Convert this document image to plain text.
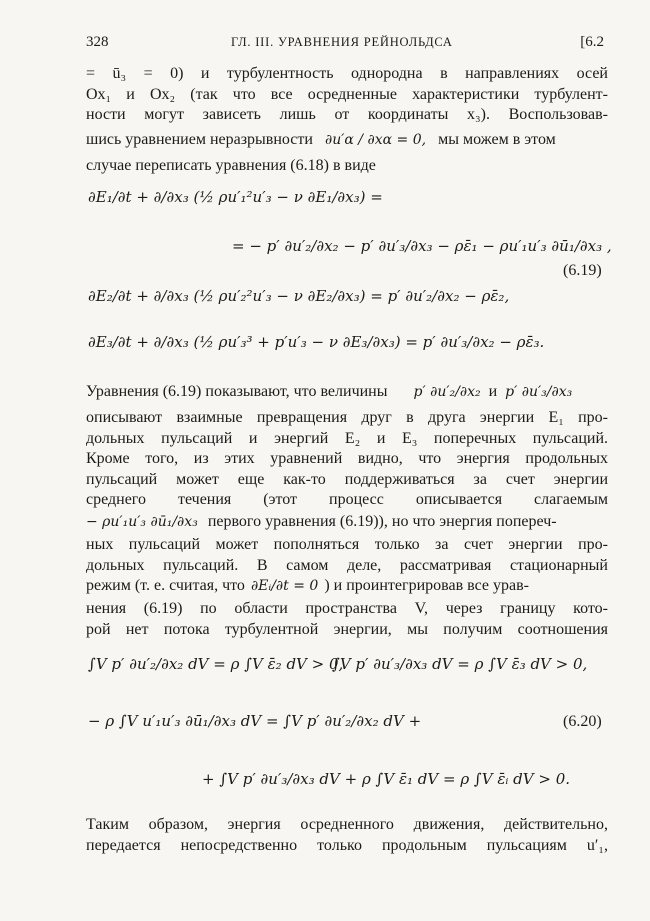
328	ГЛ. III. УРАВНЕНИЯ РЕЙНОЛЬДСА	[6.2
= ū₃ = 0) и турбулентность однородна в направлениях осей
Ox₁ и Ox₂ (так что все осредненные характеристики турбулент-
ности могут зависеть лишь от координаты x₃). Воспользовав-
шись уравнением неразрывности ∂u′α / ∂xα = 0, мы можем в этом
случае переписать уравнения (6.18) в виде
∂E₁/∂t + ∂/∂x₃ (½ ρu′₁²u′₃ − ν ∂E₁/∂x₃) =
= − p′ ∂u′₂/∂x₂ − p′ ∂u′₃/∂x₃ − ρε̄₁ − ρu′₁u′₃ ∂ū₁/∂x₃ ,
∂E₂/∂t + ∂/∂x₃ (½ ρu′₂²u′₃ − ν ∂E₂/∂x₃) = p′ ∂u′₂/∂x₂ − ρε̄₂,
∂E₃/∂t + ∂/∂x₃ (½ ρu′₃³ + p′u′₃ − ν ∂E₃/∂x₃) = p′ ∂u′₃/∂x₂ − ρε̄₃.
(6.19)
Уравнения (6.19) показывают, что величины p′ ∂u′₂/∂x₂ и p′ ∂u′₃/∂x₃
описывают взаимные превращения друг в друга энергии E₁ про-
дольных пульсаций и энергий E₂ и E₃ поперечных пульсаций.
Кроме того, из этих уравнений видно, что энергия продольных
пульсаций может еще как-то поддерживаться за счет энергии
среднего течения (этот процесс описывается слагаемым
− ρu′₁u′₃ ∂ū₁/∂x₃ первого уравнения (6.19)), но что энергия попереч-
ных пульсаций может пополняться только за счет энергии про-
дольных пульсаций. В самом деле, рассматривая стационарный
режим (т. е. считая, что ∂Eᵢ/∂t = 0 ) и проинтегрировав все урав-
нения (6.19) по области пространства V, через границу кото-
рой нет потока турбулентной энергии, мы получим соотношения
∫V p′ ∂u′₂/∂x₂ dV = ρ ∫V ε̄₂ dV > 0,
∫V p′ ∂u′₃/∂x₃ dV = ρ ∫V ε̄₃ dV > 0,
− ρ ∫V u′₁u′₃ ∂ū₁/∂x₃ dV = ∫V p′ ∂u′₂/∂x₂ dV +
+ ∫V p′ ∂u′₃/∂x₃ dV + ρ ∫V ε̄₁ dV = ρ ∫V ε̄ᵢ dV > 0.
(6.20)
Таким образом, энергия осредненного движения, действительно,
передается непосредственно только продольным пульсациям u′₁,
